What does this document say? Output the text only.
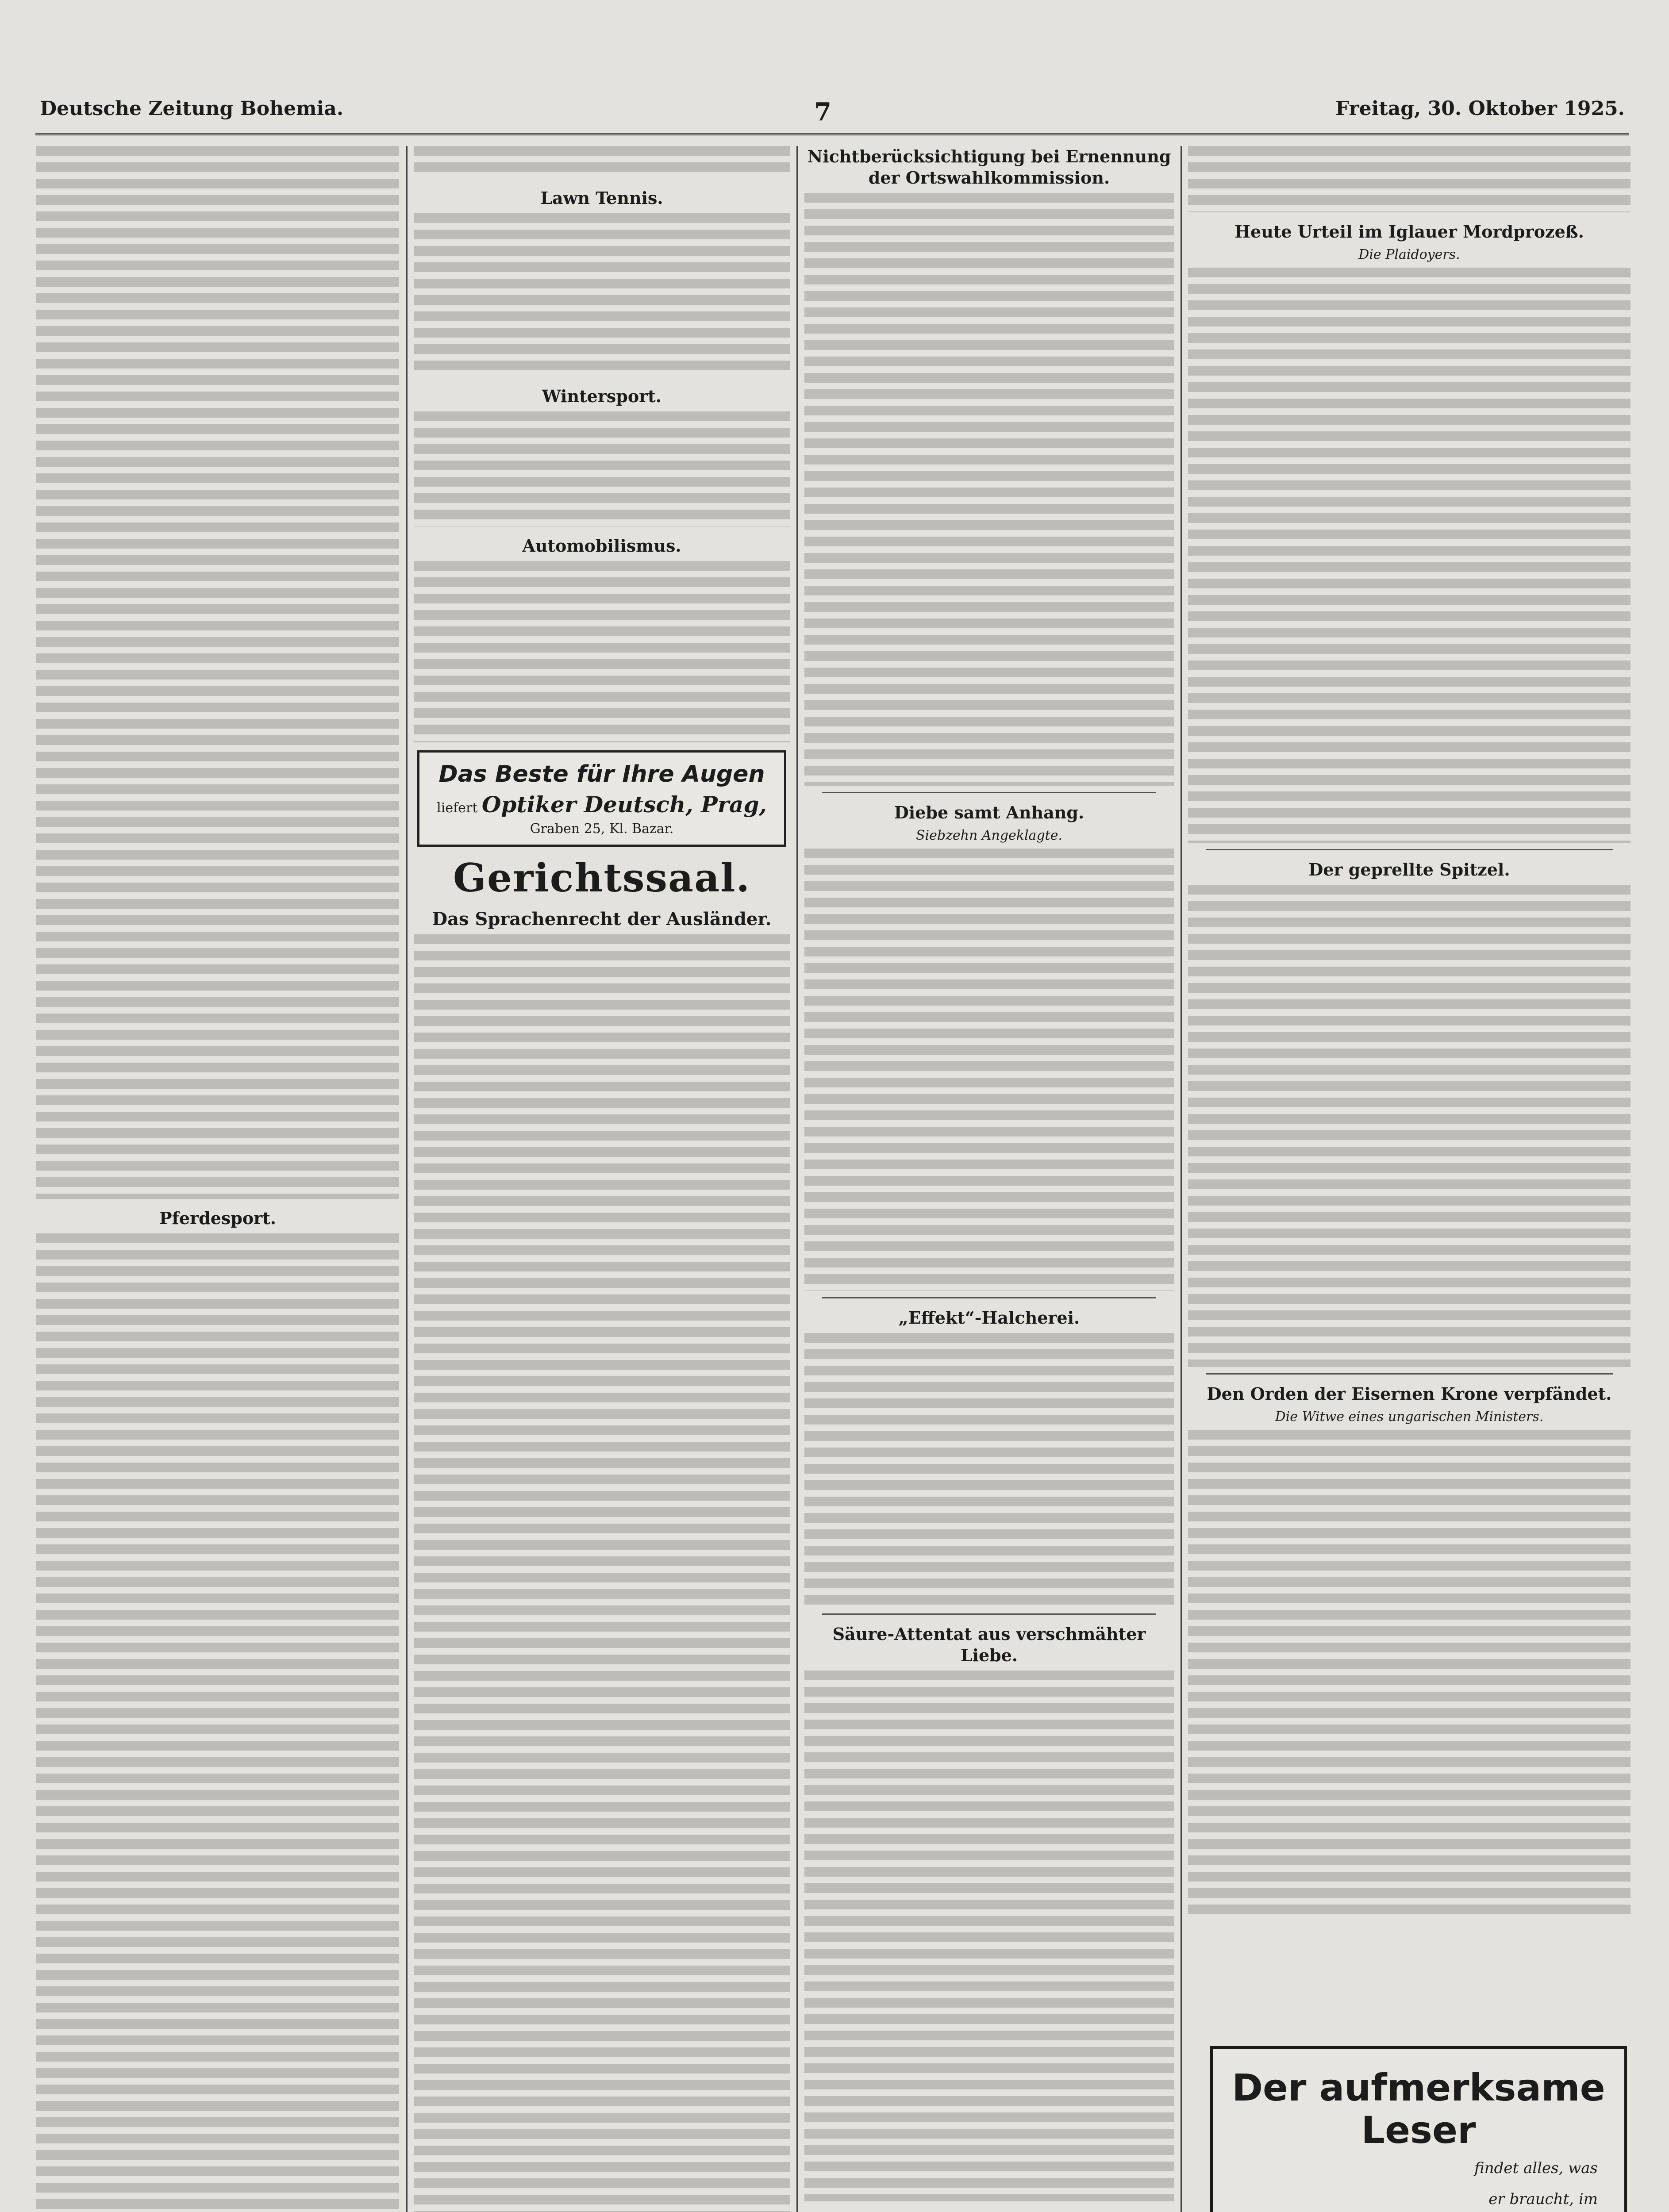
Deutsche Zeitung Bohemia.	7	Freitag, 30. Oktober 1925.
Pferdesport.
Lawn Tennis.
Wintersport.
Automobilismus.
Das Beste für Ihre Augen
liefert Optiker Deutsch, Prag,
Graben 25, Kl. Bazar.
Gerichtssaal.
Das Sprachenrecht der Ausländer.
Nichtberücksichtigung bei Ernennung der Ortswahlkommission.
Diebe samt Anhang.
Siebzehn Angeklagte.
„Effekt“-Halcherei.
Säure-Attentat aus verschmähter Liebe.
Heute Urteil im Iglauer Mordprozeß.
Die Plaidoyers.
Der geprellte Spitzel.
Den Orden der Eisernen Krone verpfändet.
Die Witwe eines ungarischen Ministers.
Der aufmerksame Leser
findet alles, was
er braucht, im
